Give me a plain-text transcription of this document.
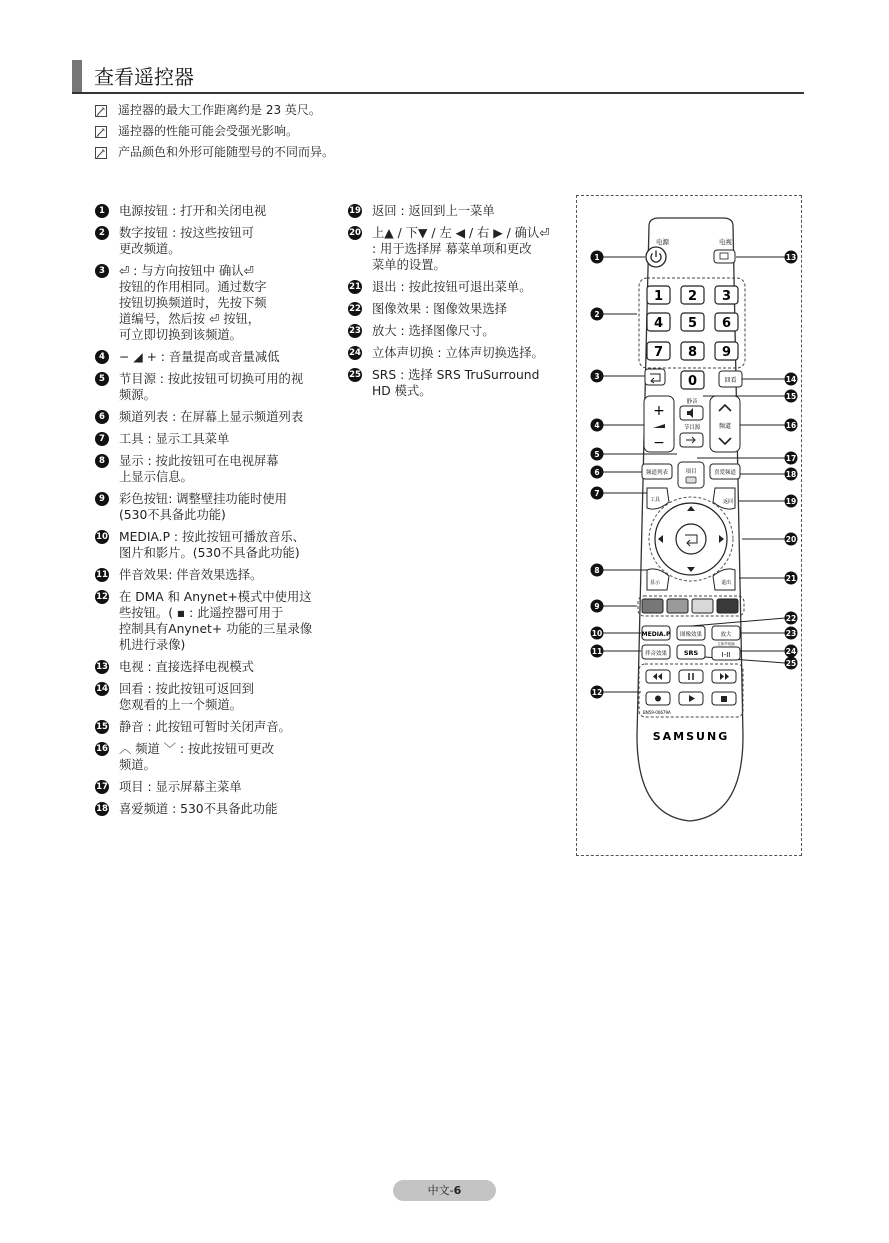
查看遥控器
遥控器的最大工作距离约是 23 英尺。
遥控器的性能可能会受强光影响。
产品颜色和外形可能随型号的不同而异。
1	电源按钮 : 打开和关闭电视
2	数字按钮 : 按这些按钮可
更改频道。
3	⏎ : 与方向按钮中 确认⏎
按钮的作用相同。通过数字
按钮切换频道时，先按下频
道编号，然后按 ⏎ 按钮，
可立即切换到该频道。
4	− ◢ + : 音量提高或音量减低
5	节目源 : 按此按钮可切换可用的视
频源。
6	频道列表 : 在屏幕上显示频道列表
7	工具 : 显示工具菜单
8	显示 : 按此按钮可在电视屏幕
上显示信息。
9	彩色按钮: 调整壁挂功能时使用
(530不具备此功能)
10 MEDIA.P : 按此按钮可播放音乐、
图片和影片。(530不具备此功能)
11 伴音效果: 伴音效果选择。
12 在 DMA 和 Anynet+模式中使用这
些按钮。( ▪ : 此遥控器可用于
控制具有Anynet+ 功能的三星录像
机进行录像)
13 电视 : 直接选择电视模式
14 回看 : 按此按钮可返回到
您观看的上一个频道。
15 静音 : 此按钮可暂时关闭声音。
16 ︿ 频道 ﹀ : 按此按钮可更改
频道。
17 项目 : 显示屏幕主菜单
18 喜爱频道 : 530不具备此功能
19 返回 : 返回到上一菜单
20 上▲ / 下▼ / 左 ◀ / 右 ▶ / 确认⏎
: 用于选择屏 幕菜单项和更改
菜单的设置。
21 退出 : 按此按钮可退出菜单。
22 图像效果 : 图像效果选择
23 放大 : 选择图像尺寸。
24 立体声切换 : 立体声切换选择。
25 SRS : 选择 SRS TruSurround
HD 模式。
电源	电视
1 2 3
4 5 6
7 8 9
0	回看
+
−
静音
节目源	频道
频道列表	项目	喜爱频道
工具	返回
显示	退出
MEDIA.P 图像效果	放大
伴音效果	SRS
立体声切换
I-II
BN59-00679A
SAMSUNG
1
2
3
4
5
6
7
8
9
10
11
12
13
14
15
16
17
18
19
20
21
22
23
24
25
中文-6
